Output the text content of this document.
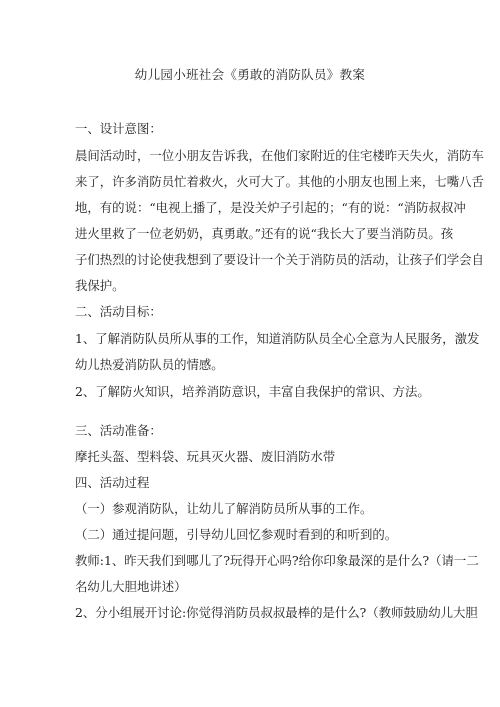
幼儿园小班社会《勇敢的消防队员》教案
一、设计意图：
晨间活动时，一位小朋友告诉我，在他们家附近的住宅楼昨天失火，消防车
来了，许多消防员忙着救火，火可大了。其他的小朋友也围上来，七嘴八舌
地，有的说：“电视上播了，是没关炉子引起的；“有的说：“消防叔叔冲
进火里救了一位老奶奶，真勇敢。”还有的说“我长大了要当消防员。孩
子们热烈的讨论使我想到了要设计一个关于消防员的活动，让孩子们学会自
我保护。
二、活动目标：
1、了解消防队员所从事的工作，知道消防队员全心全意为人民服务，激发
幼儿热爱消防队员的情感。
2、了解防火知识，培养消防意识，丰富自我保护的常识、方法。
三、活动准备：
摩托头盔、型料袋、玩具灭火器、废旧消防水带
四、活动过程
（一）参观消防队，让幼儿了解消防员所从事的工作。
（二）通过提问题，引导幼儿回忆参观时看到的和听到的。
教师:1、昨天我们到哪儿了?玩得开心吗?给你印象最深的是什么?（请一二
名幼儿大胆地讲述）
2、分小组展开讨论:你觉得消防员叔叔最棒的是什么?（教师鼓励幼儿大胆
